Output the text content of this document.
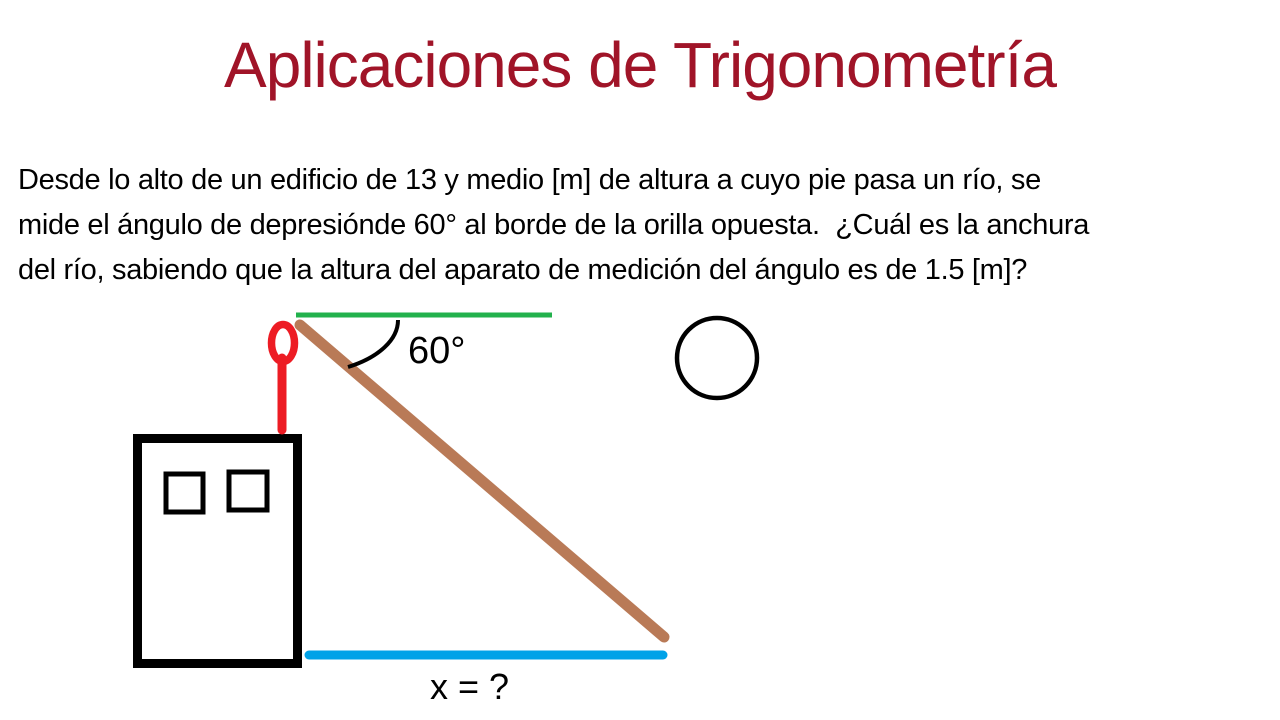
Aplicaciones de Trigonometría
Desde lo alto de un edificio de 13 y medio [m] de altura a cuyo pie pasa un río, se
mide el ángulo de depresiónde 60° al borde de la orilla opuesta.  ¿Cuál es la anchura
del río, sabiendo que la altura del aparato de medición del ángulo es de 1.5 [m]?
60°
x = ?
